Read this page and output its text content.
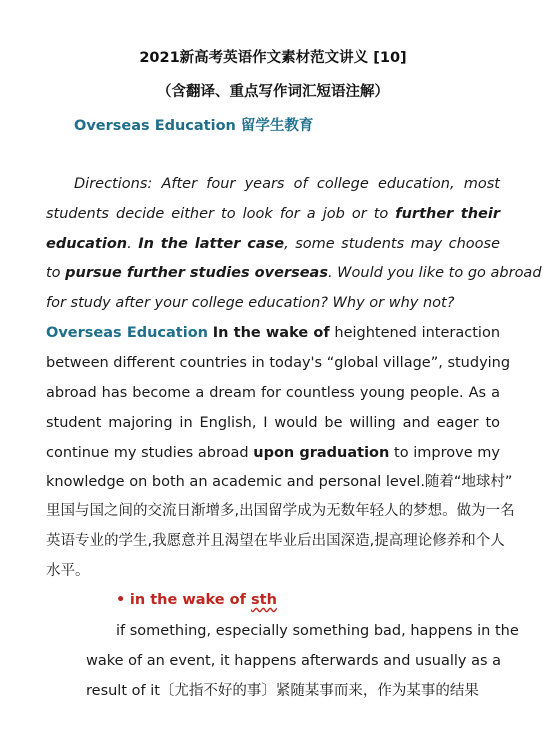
2021新高考英语作文素材范文讲义 [10]
（含翻译、重点写作词汇短语注解）
Overseas Education 留学生教育
Directions: After four years of college education, most
students decide either to look for a job or to further their
education. In the latter case, some students may choose
to pursue further studies overseas. Would you like to go abroad
for study after your college education? Why or why not?
Overseas Education In the wake of heightened interaction
between different countries in today's “global village”, studying
abroad has become a dream for countless young people. As a
student majoring in English, I would be willing and eager to
continue my studies abroad upon graduation to improve my
knowledge on both an academic and personal level.随着“地球村”
里国与国之间的交流日渐增多,出国留学成为无数年轻人的梦想。做为一名
英语专业的学生,我愿意并且渴望在毕业后出国深造,提高理论修养和个人
水平。
• in the wake of sth
if something, especially something bad, happens in the
wake of an event, it happens afterwards and usually as a
result of it〔尤指不好的事〕紧随某事而来，作为某事的结果
